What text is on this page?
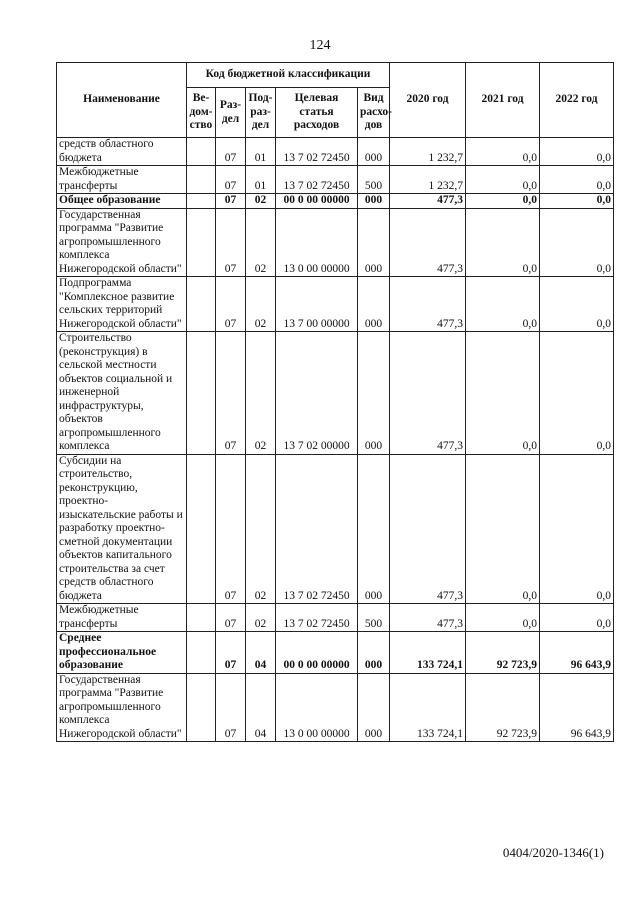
124
Наименование	Код бюджетной классификации					2020 год	2021 год	2022 год
	Ве-дом-ство	Раз-дел	Под-раз-дел	Целевая статья расходов	Вид расхо-дов			
средств областного бюджета		07	01	13 7 02 72450	000	1 232,7	0,0	0,0
Межбюджетные трансферты		07	01	13 7 02 72450	500	1 232,7	0,0	0,0
Общее образование		07	02	00 0 00 00000	000	477,3	0,0	0,0
Государственная программа "Развитие агропромышленного комплекса Нижегородской области"		07	02	13 0 00 00000	000	477,3	0,0	0,0
Подпрограмма "Комплексное развитие сельских территорий Нижегородской области"		07	02	13 7 00 00000	000	477,3	0,0	0,0
Строительство (реконструкция) в сельской местности объектов социальной и инженерной инфраструктуры, объектов агропромышленного комплекса		07	02	13 7 02 00000	000	477,3	0,0	0,0
Субсидии на строительство, реконструкцию, проектно-изыскательские работы и разработку проектно-сметной документации объектов капитального строительства за счет средств областного бюджета		07	02	13 7 02 72450	000	477,3	0,0	0,0
Межбюджетные трансферты		07	02	13 7 02 72450	500	477,3	0,0	0,0
Среднее профессиональное образование		07	04	00 0 00 00000	000	133 724,1	92 723,9	96 643,9
Государственная программа "Развитие агропромышленного комплекса Нижегородской области"		07	04	13 0 00 00000	000	133 724,1	92 723,9	96 643,9
0404/2020-1346(1)
